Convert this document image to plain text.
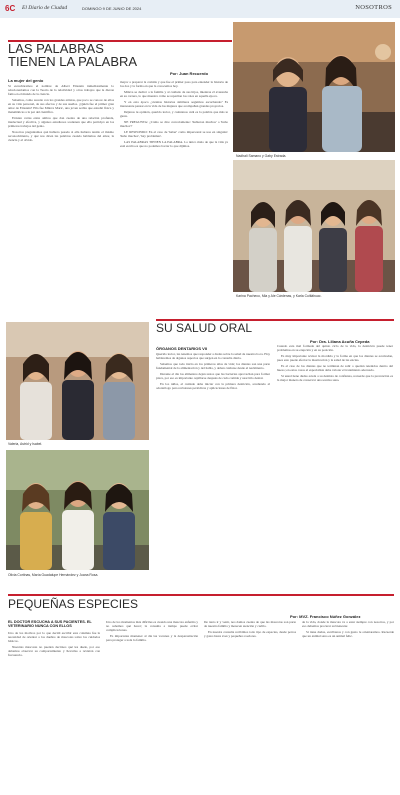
6C El Diario de Ciudad	DOMINGO 9 DE JUNIO DE 2024	NOSOTROS
LAS PALABRAS
TIENEN LA PALABRA
Por: Juan Recuerdo
La mujer del genio

Si escucháramos el nombre de Albert Einstein inmediatamente lo relacionaríamos con la Teoría de la relatividad y otros trabajos que le dieron fama en el mundo de la ciencia.

Sabemos, como sucede con los grandes artistas, que poco se conoce de ellos en su vida personal, de sus afectos y de sus sueños. ¿Quién fue el primer gran amor de Einstein? Ella fue Mileva Maric, una joven serbia que estudió física y matemáticas a la par del científico.

Existen cartas entre ambos que dan cuenta de una relación profunda, intelectual y afectiva, y algunos estudiosos sostienen que ella participó en los primeros trabajos del genio.

Nosotros preguntamos qué hubiera pasado si ella hubiera tenido el mismo reconocimiento, y qué nos dicen las palabras cuando hablamos del amor, la ciencia y el olvido.

mayor a preparar la comida y que fue el primer paso para entender la historia de los dos y la forma en que la conocemos hoy.

Mileva se dedicó a la familia y al cuidado de sus hijos, mientras él avanzaba en su carrera, lo que muestra cómo se repartían los roles en aquella época.

Y en esta época ¿cuántas historias similares seguimos escuchando? Es interesante pensar en la vida de las mujeres que acompañan grandes proyectos.

Déjanos tu opinión, querido lector, y cuéntanos cuál es la palabra que más te gusta.

NE PREGUNTA: ¿Cómo se dice correctamente: 'hubieron muchos' o 'hubo muchos'?

LE RESPONDO: En el caso de 'haber' como impersonal se usa en singular: 'hubo muchos', 'hay problemas'.

LAS PALABRAS TIENEN LA PALABRA. Lo único malo de que la vida ya está escrita es que no podemos borrar lo que dijimos.

Nadhali Samano y Gaby Estrada.
Karina Pacheco, Mia y Ale Cárdenas, y Karla Cuitláhuac.
Valeria, Astrid y Isabel.
Olivia Cortinas, María Guadalupe Hernández y Juana Rosa.
SU SALUD ORAL
Por: Dra. Liliana Acuña Cepeda
ÓRGANOS DENTARIOS VII

Querido lector, les tenemos que responder a dudas sobre la salud de nuestra boca. Hoy hablaremos de algunos aspectos que surgen en la consulta diaria.

Sabemos que todo inicia en los primeros años de vida; los dientes son una parte fundamental de la alimentación y del habla, y deben cuidarse desde el nacimiento.

Durante el día los alimentos dejan restos que las bacterias aprovechan para formar placa, por eso es importante cepillarse después de cada comida y usar hilo dental.

En los niños, el cuidado debe iniciar con la primera dentición, acudiendo al odontólogo para revisiones periódicas y aplicaciones de flúor.

Cuando esta mal formada del quinto ciclo de la vida, la dentición puede tener problemas en su erupción y en su posición.

Es muy importante revisar la mordida y la forma en que los dientes se acomodan, pues esto puede afectar la masticación y la salud de las encías.

Es el caso de los dientes que no terminan de salir o quedan retenidos dentro del hueso; en estos casos el especialista debe valorar el tratamiento adecuado.

Si usted tiene dudas acuda a su dentista de confianza, recuerde que la prevención es la mejor manera de conservar una sonrisa sana.

PEQUEÑAS ESPECIES
Por: MVZ. Francisco Núñez González
EL DOCTOR ESCUCHA A SUS PACIENTES. EL VETERINARIO NUNCA CON ELLOS

Uno de los motivos por lo que decidí escribir esta columna fue la necesidad de orientar a los dueños de mascotas sobre los cuidados básicos.

Nuestras mascotas no pueden decirnos qué les duele, por eso debemos observar su comportamiento y llevarlas a revisión con frecuencia.

Uno de los momentos más difíciles es cuando una mascota enferma y no sabemos qué hacer; la consulta a tiempo puede evitar complicaciones.

Es importante mantener al día las vacunas y la desparasitación para proteger a toda la familia.

De tanto ir y venir, nos damos cuenta de que las mascotas son parte de nuestra familia y merecen atención y cariño.

En nuestra consulta recibimos todo tipo de especies, desde perros y gatos hasta aves y pequeños roedores.

de la vida, donde la mascota va a estar siempre con nosotros, y por eso debemos procurar su bienestar.

Si tiene dudas, escríbanos y con gusto le orientaremos. Recuerde que un animal sano es un animal feliz.
